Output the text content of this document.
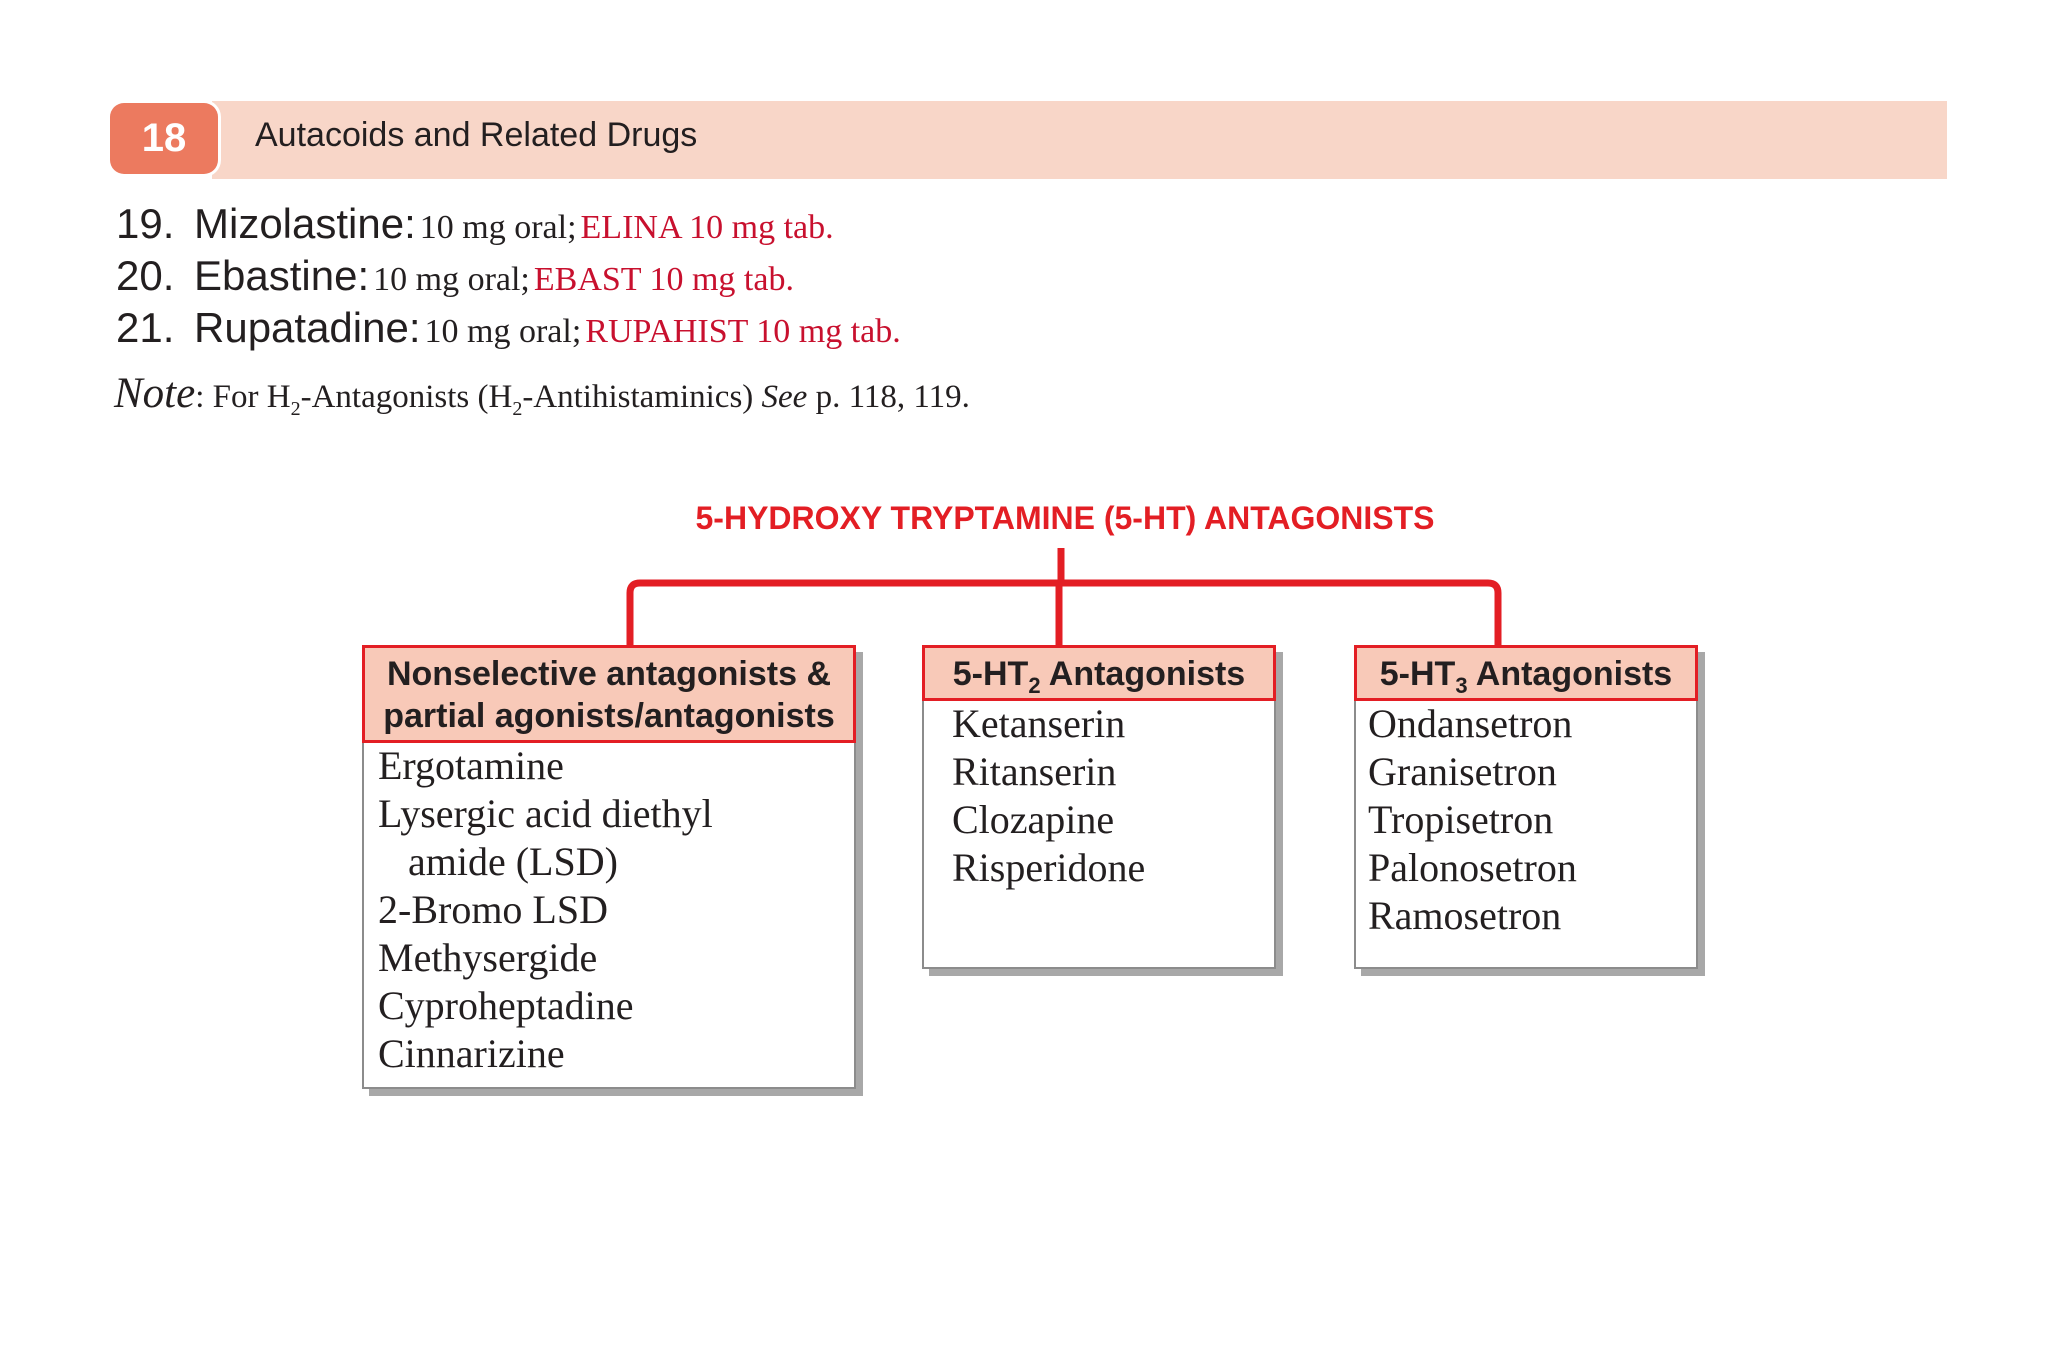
18 Autacoids and Related Drugs
19. Mizolastine: 10 mg oral; ELINA 10 mg tab.
20. Ebastine: 10 mg oral; EBAST 10 mg tab.
21. Rupatadine: 10 mg oral; RUPAHIST 10 mg tab.
Note: For $H_2$-Antagonists $(H_2-Antihistaminics)$ See p. 118, 119.
5-HYDROXY TRYPTAMINE (5-HT) ANTAGONISTS
Nonselective antagonists &
partial agonists/antagonists
Ergotamine
Lysergic acid diethyl
amide (LSD)
2-Bromo LSD
Methysergide
Cyproheptadine
Cinnarizine
$5-HT_2$ Antagonists
Ketanserin
Ritanserin
Clozapine
Risperidone
$5-HT_3$ Antagonists
Ondansetron
Granisetron
Tropisetron
Palonosetron
Ramosetron
